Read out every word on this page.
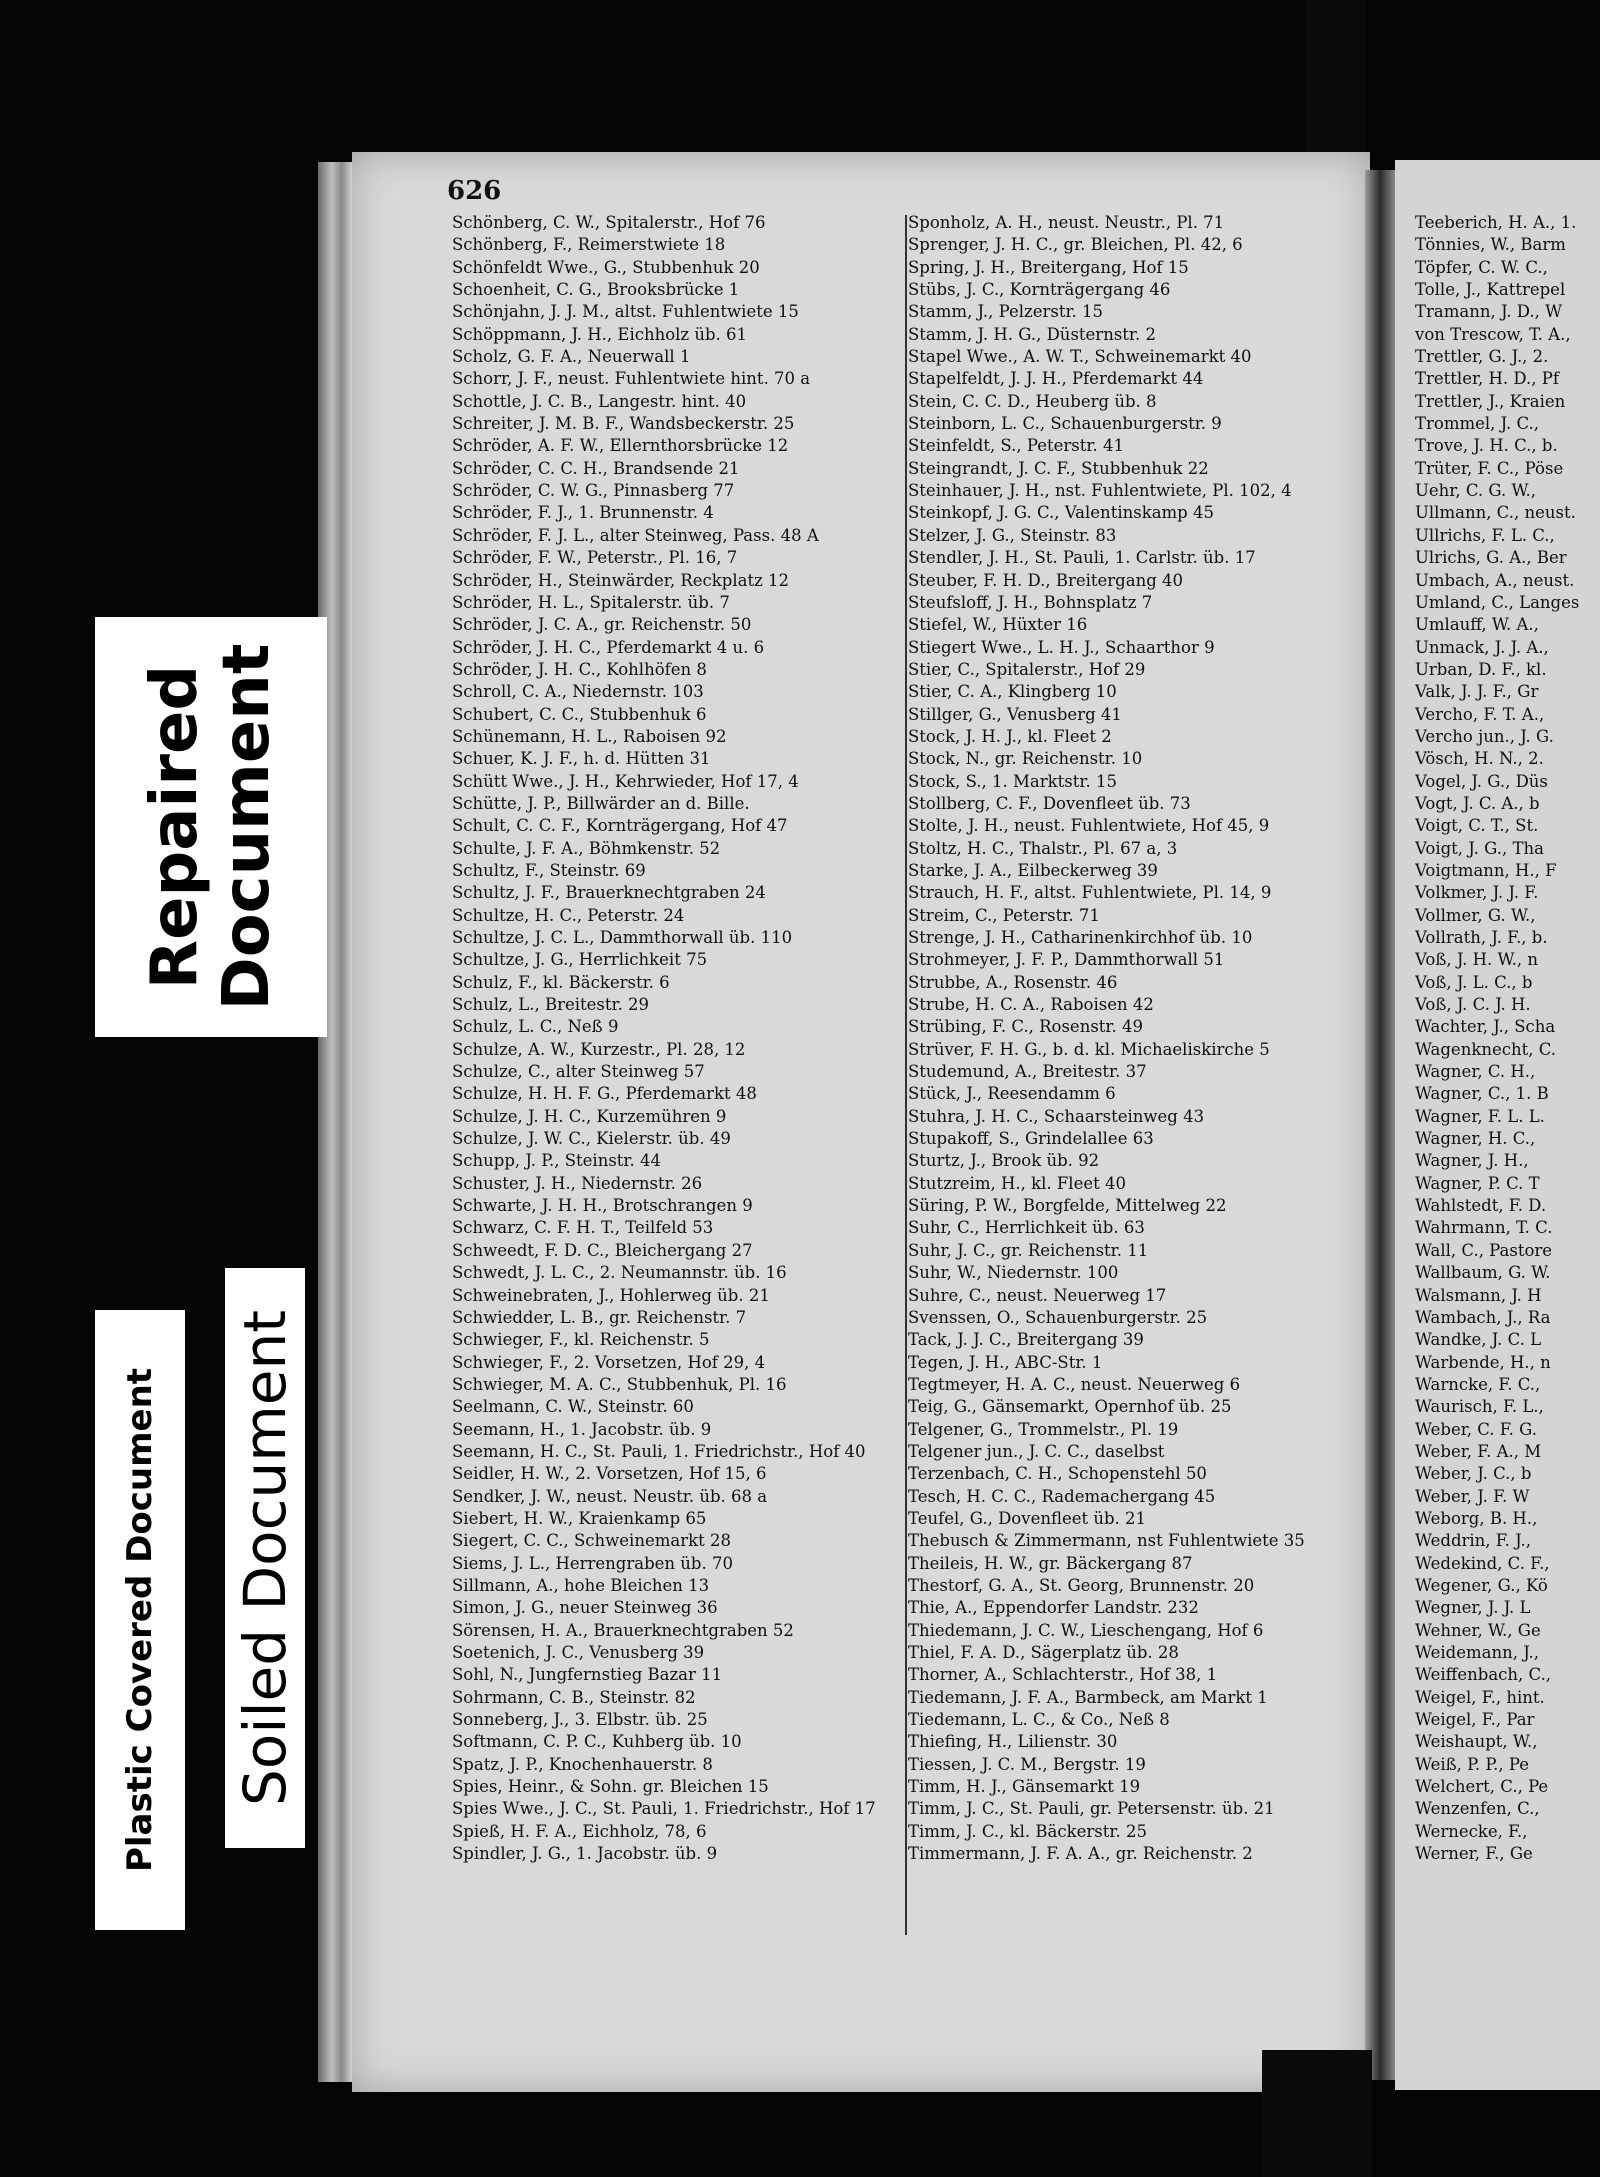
626
Schönberg, C. W., Spitalerstr., Hof 76
Schönberg, F., Reimerstwiete 18
Schönfeldt Wwe., G., Stubbenhuk 20
Schoenheit, C. G., Brooksbrücke 1
Schönjahn, J. J. M., altst. Fuhlentwiete 15
Schöppmann, J. H., Eichholz üb. 61
Scholz, G. F. A., Neuerwall 1
Schorr, J. F., neust. Fuhlentwiete hint. 70 a
Schottle, J. C. B., Langestr. hint. 40
Schreiter, J. M. B. F., Wandsbeckerstr. 25
Schröder, A. F. W., Ellernthorsbrücke 12
Schröder, C. C. H., Brandsende 21
Schröder, C. W. G., Pinnasberg 77
Schröder, F. J., 1. Brunnenstr. 4
Schröder, F. J. L., alter Steinweg, Pass. 48 A
Schröder, F. W., Peterstr., Pl. 16, 7
Schröder, H., Steinwärder, Reckplatz 12
Schröder, H. L., Spitalerstr. üb. 7
Schröder, J. C. A., gr. Reichenstr. 50
Schröder, J. H. C., Pferdemarkt 4 u. 6
Schröder, J. H. C., Kohlhöfen 8
Schroll, C. A., Niedernstr. 103
Schubert, C. C., Stubbenhuk 6
Schünemann, H. L., Raboisen 92
Schuer, K. J. F., h. d. Hütten 31
Schütt Wwe., J. H., Kehrwieder, Hof 17, 4
Schütte, J. P., Billwärder an d. Bille.
Schult, C. C. F., Kornträgergang, Hof 47
Schulte, J. F. A., Böhmkenstr. 52
Schultz, F., Steinstr. 69
Schultz, J. F., Brauerknechtgraben 24
Schultze, H. C., Peterstr. 24
Schultze, J. C. L., Dammthorwall üb. 110
Schultze, J. G., Herrlichkeit 75
Schulz, F., kl. Bäckerstr. 6
Schulz, L., Breitestr. 29
Schulz, L. C., Neß 9
Schulze, A. W., Kurzestr., Pl. 28, 12
Schulze, C., alter Steinweg 57
Schulze, H. H. F. G., Pferdemarkt 48
Schulze, J. H. C., Kurzemühren 9
Schulze, J. W. C., Kielerstr. üb. 49
Schupp, J. P., Steinstr. 44
Schuster, J. H., Niedernstr. 26
Schwarte, J. H. H., Brotschrangen 9
Schwarz, C. F. H. T., Teilfeld 53
Schweedt, F. D. C., Bleichergang 27
Schwedt, J. L. C., 2. Neumannstr. üb. 16
Schweinebraten, J., Hohlerweg üb. 21
Schwiedder, L. B., gr. Reichenstr. 7
Schwieger, F., kl. Reichenstr. 5
Schwieger, F., 2. Vorsetzen, Hof 29, 4
Schwieger, M. A. C., Stubbenhuk, Pl. 16
Seelmann, C. W., Steinstr. 60
Seemann, H., 1. Jacobstr. üb. 9
Seemann, H. C., St. Pauli, 1. Friedrichstr., Hof 40
Seidler, H. W., 2. Vorsetzen, Hof 15, 6
Sendker, J. W., neust. Neustr. üb. 68 a
Siebert, H. W., Kraienkamp 65
Siegert, C. C., Schweinemarkt 28
Siems, J. L., Herrengraben üb. 70
Sillmann, A., hohe Bleichen 13
Simon, J. G., neuer Steinweg 36
Sörensen, H. A., Brauerknechtgraben 52
Soetenich, J. C., Venusberg 39
Sohl, N., Jungfernstieg Bazar 11
Sohrmann, C. B., Steinstr. 82
Sonneberg, J., 3. Elbstr. üb. 25
Softmann, C. P. C., Kuhberg üb. 10
Spatz, J. P., Knochenhauerstr. 8
Spies, Heinr., & Sohn. gr. Bleichen 15
Spies Wwe., J. C., St. Pauli, 1. Friedrichstr., Hof 17
Spieß, H. F. A., Eichholz, 78, 6
Spindler, J. G., 1. Jacobstr. üb. 9
Sponholz, A. H., neust. Neustr., Pl. 71
Sprenger, J. H. C., gr. Bleichen, Pl. 42, 6
Spring, J. H., Breitergang, Hof 15
Stübs, J. C., Kornträgergang 46
Stamm, J., Pelzerstr. 15
Stamm, J. H. G., Düsternstr. 2
Stapel Wwe., A. W. T., Schweinemarkt 40
Stapelfeldt, J. J. H., Pferdemarkt 44
Stein, C. C. D., Heuberg üb. 8
Steinborn, L. C., Schauenburgerstr. 9
Steinfeldt, S., Peterstr. 41
Steingrandt, J. C. F., Stubbenhuk 22
Steinhauer, J. H., nst. Fuhlentwiete, Pl. 102, 4
Steinkopf, J. G. C., Valentinskamp 45
Stelzer, J. G., Steinstr. 83
Stendler, J. H., St. Pauli, 1. Carlstr. üb. 17
Steuber, F. H. D., Breitergang 40
Steufsloff, J. H., Bohnsplatz 7
Stiefel, W., Hüxter 16
Stiegert Wwe., L. H. J., Schaarthor 9
Stier, C., Spitalerstr., Hof 29
Stier, C. A., Klingberg 10
Stillger, G., Venusberg 41
Stock, J. H. J., kl. Fleet 2
Stock, N., gr. Reichenstr. 10
Stock, S., 1. Marktstr. 15
Stollberg, C. F., Dovenfleet üb. 73
Stolte, J. H., neust. Fuhlentwiete, Hof 45, 9
Stoltz, H. C., Thalstr., Pl. 67 a, 3
Starke, J. A., Eilbeckerweg 39
Strauch, H. F., altst. Fuhlentwiete, Pl. 14, 9
Streim, C., Peterstr. 71
Strenge, J. H., Catharinenkirchhof üb. 10
Strohmeyer, J. F. P., Dammthorwall 51
Strubbe, A., Rosenstr. 46
Strube, H. C. A., Raboisen 42
Strübing, F. C., Rosenstr. 49
Strüver, F. H. G., b. d. kl. Michaeliskirche 5
Studemund, A., Breitestr. 37
Stück, J., Reesendamm 6
Stuhra, J. H. C., Schaarsteinweg 43
Stupakoff, S., Grindelallee 63
Sturtz, J., Brook üb. 92
Stutzreim, H., kl. Fleet 40
Süring, P. W., Borgfelde, Mittelweg 22
Suhr, C., Herrlichkeit üb. 63
Suhr, J. C., gr. Reichenstr. 11
Suhr, W., Niedernstr. 100
Suhre, C., neust. Neuerweg 17
Svenssen, O., Schauenburgerstr. 25
Tack, J. J. C., Breitergang 39
Tegen, J. H., ABC-Str. 1
Tegtmeyer, H. A. C., neust. Neuerweg 6
Teig, G., Gänsemarkt, Opernhof üb. 25
Telgener, G., Trommelstr., Pl. 19
Telgener jun., J. C. C., daselbst
Terzenbach, C. H., Schopenstehl 50
Tesch, H. C. C., Rademachergang 45
Teufel, G., Dovenfleet üb. 21
Thebusch & Zimmermann, nst Fuhlentwiete 35
Theileis, H. W., gr. Bäckergang 87
Thestorf, G. A., St. Georg, Brunnenstr. 20
Thie, A., Eppendorfer Landstr. 232
Thiedemann, J. C. W., Lieschengang, Hof 6
Thiel, F. A. D., Sägerplatz üb. 28
Thorner, A., Schlachterstr., Hof 38, 1
Tiedemann, J. F. A., Barmbeck, am Markt 1
Tiedemann, L. C., & Co., Neß 8
Thiefing, H., Lilienstr. 30
Tiessen, J. C. M., Bergstr. 19
Timm, H. J., Gänsemarkt 19
Timm, J. C., St. Pauli, gr. Petersenstr. üb. 21
Timm, J. C., kl. Bäckerstr. 25
Timmermann, J. F. A. A., gr. Reichenstr. 2
Teeberich, H. A., 1.
Tönnies, W., Barm
Töpfer, C. W. C.,
Tolle, J., Kattrepel
Tramann, J. D., W
von Trescow, T. A.,
Trettler, G. J., 2.
Trettler, H. D., Pf
Trettler, J., Kraien
Trommel, J. C.,
Trove, J. H. C., b.
Trüter, F. C., Pöse
Uehr, C. G. W.,
Ullmann, C., neust.
Ullrichs, F. L. C.,
Ulrichs, G. A., Ber
Umbach, A., neust.
Umland, C., Langes
Umlauff, W. A.,
Unmack, J. J. A.,
Urban, D. F., kl.
Valk, J. J. F., Gr
Vercho, F. T. A.,
Vercho jun., J. G.
Vösch, H. N., 2.
Vogel, J. G., Düs
Vogt, J. C. A., b
Voigt, C. T., St.
Voigt, J. G., Tha
Voigtmann, H., F
Volkmer, J. J. F.
Vollmer, G. W.,
Vollrath, J. F., b.
Voß, J. H. W., n
Voß, J. L. C., b
Voß, J. C. J. H.
Wachter, J., Scha
Wagenknecht, C.
Wagner, C. H.,
Wagner, C., 1. B
Wagner, F. L. L.
Wagner, H. C.,
Wagner, J. H.,
Wagner, P. C. T
Wahlstedt, F. D.
Wahrmann, T. C.
Wall, C., Pastore
Wallbaum, G. W.
Walsmann, J. H
Wambach, J., Ra
Wandke, J. C. L
Warbende, H., n
Warncke, F. C.,
Waurisch, F. L.,
Weber, C. F. G.
Weber, F. A., M
Weber, J. C., b
Weber, J. F. W
Weborg, B. H.,
Weddrin, F. J.,
Wedekind, C. F.,
Wegener, G., Kö
Wegner, J. J. L
Wehner, W., Ge
Weidemann, J.,
Weiffenbach, C.,
Weigel, F., hint.
Weigel, F., Par
Weishaupt, W.,
Weiß, P. P., Pe
Welchert, C., Pe
Wenzenfen, C.,
Wernecke, F.,
Werner, F., Ge
Repaired
Document
Soiled Document
Plastic Covered Document
